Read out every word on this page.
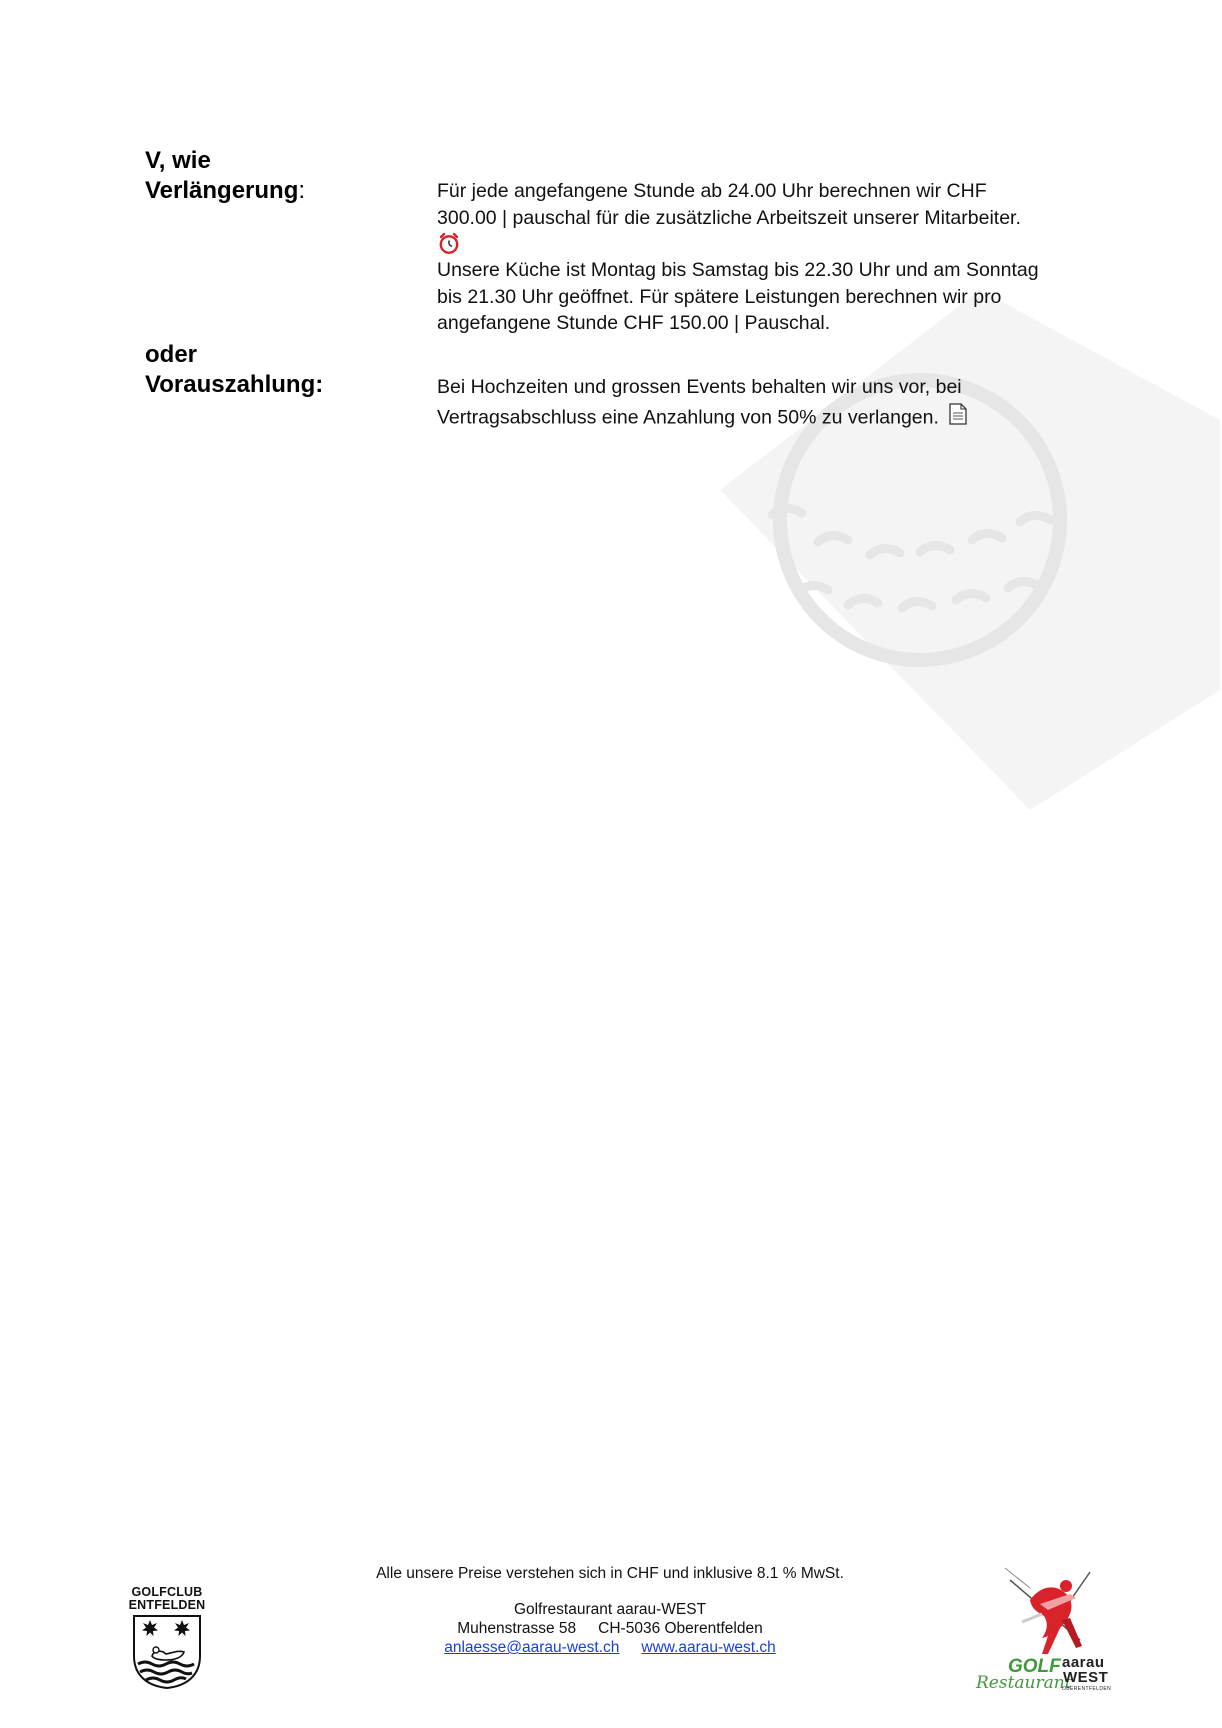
V, wie
Verlängerung:	Für jede angefangene Stunde ab 24.00 Uhr berechnen wir CHF
300.00 | pauschal für die zusätzliche Arbeitszeit unserer Mitarbeiter.
Unsere Küche ist Montag bis Samstag bis 22.30 Uhr und am Sonntag
bis 21.30 Uhr geöffnet. Für spätere Leistungen berechnen wir pro
angefangene Stunde CHF 150.00 | Pauschal.
oder
Vorauszahlung:	Bei Hochzeiten und grossen Events behalten wir uns vor, bei
Vertragsabschluss eine Anzahlung von 50% zu verlangen.
Alle unsere Preise verstehen sich in CHF und inklusive 8.1 % MwSt.
Golfrestaurant aarau-WEST
Muhenstrasse 58 CH-5036 Oberentfelden
anlaesse@aarau-west.ch www.aarau-west.ch
GOLFCLUB
ENTFELDEN
GOLF
Restaurant
aarau
WEST
OBERENTFELDEN
